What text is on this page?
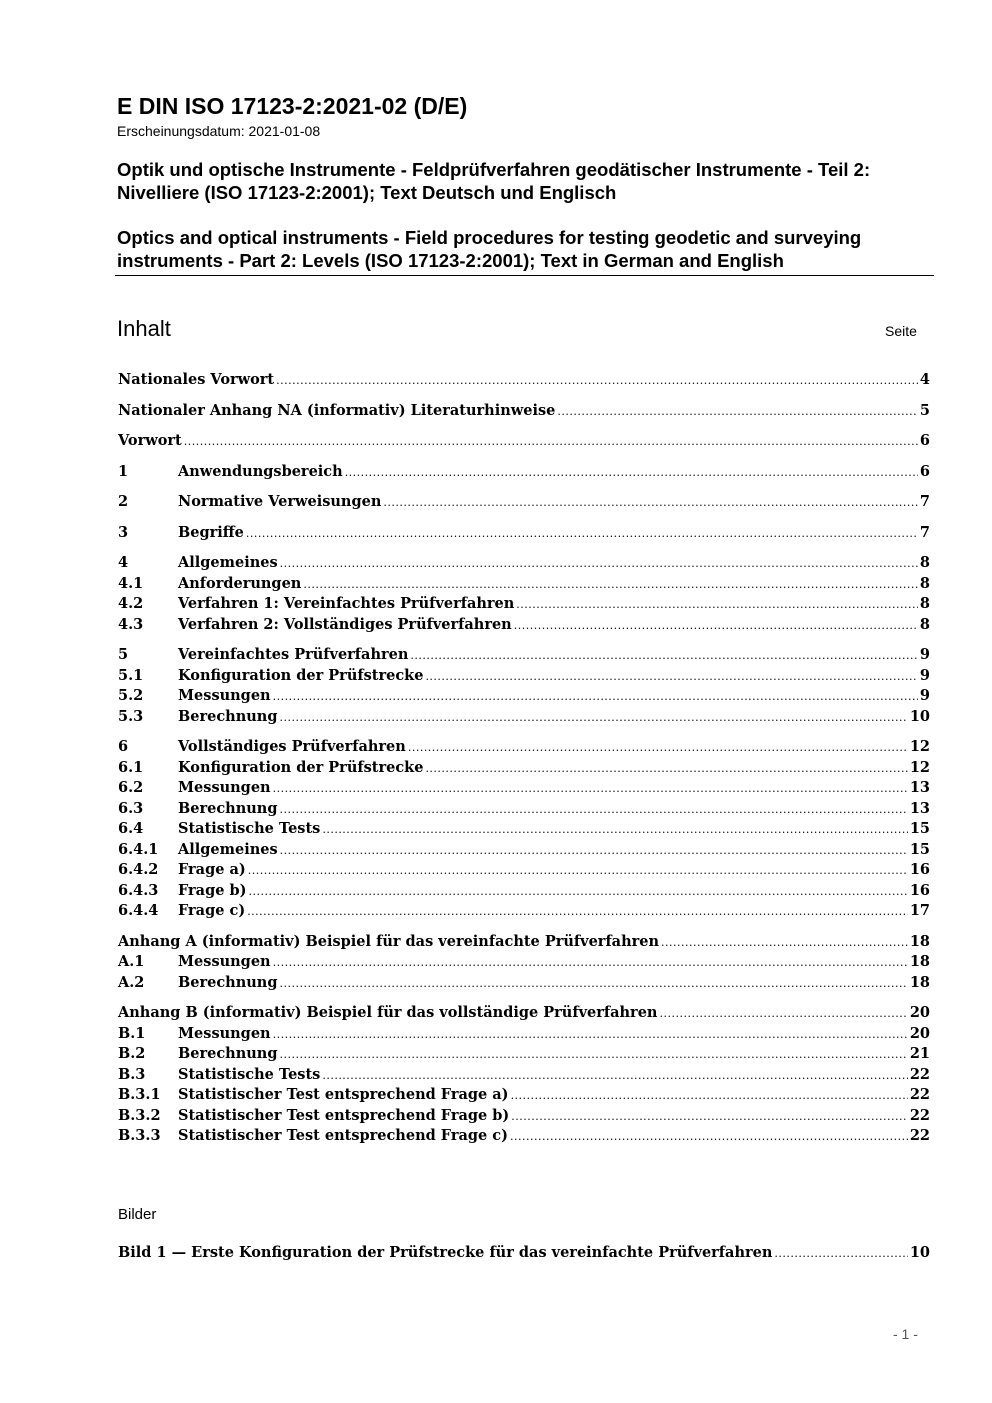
E DIN ISO 17123-2:2021-02 (D/E)

Erscheinungsdatum: 2021-01-08

Optik und optische Instrumente - Feldprüfverfahren geodätischer Instrumente - Teil 2: Nivelliere (ISO 17123-2:2001); Text Deutsch und Englisch

Optics and optical instruments - Field procedures for testing geodetic and surveying instruments - Part 2: Levels (ISO 17123-2:2001); Text in German and English

Inhalt	Seite
Nationales Vorwort .....	4
Nationaler Anhang NA (informativ) Literaturhinweise .....	5
Vorwort .....	6
1	Anwendungsbereich .....	6
2	Normative Verweisungen .....	7
3	Begriffe .....	7
4	Allgemeines .....	8
4.1	Anforderungen .....	8
4.2	Verfahren 1: Vereinfachtes Prüfverfahren .....	8
4.3	Verfahren 2: Vollständiges Prüfverfahren .....	8
5	Vereinfachtes Prüfverfahren .....	9
5.1	Konfiguration der Prüfstrecke .....	9
5.2	Messungen .....	9
5.3	Berechnung .....	10
6	Vollständiges Prüfverfahren .....	12
6.1	Konfiguration der Prüfstrecke .....	12
6.2	Messungen .....	13
6.3	Berechnung .....	13
6.4	Statistische Tests .....	15
6.4.1	Allgemeines .....	15
6.4.2	Frage a) .....	16
6.4.3	Frage b) .....	16
6.4.4	Frage c) .....	17
Anhang A (informativ) Beispiel für das vereinfachte Prüfverfahren .....	18
A.1	Messungen .....	18
A.2	Berechnung .....	18
Anhang B (informativ) Beispiel für das vollständige Prüfverfahren .....	20
B.1	Messungen .....	20
B.2	Berechnung .....	21
B.3	Statistische Tests .....	22
B.3.1	Statistischer Test entsprechend Frage a) .....	22
B.3.2	Statistischer Test entsprechend Frage b) .....	22
B.3.3	Statistischer Test entsprechend Frage c) .....	22
Bilder
Bild 1 — Erste Konfiguration der Prüfstrecke für das vereinfachte Prüfverfahren .....	10
- 1 -
